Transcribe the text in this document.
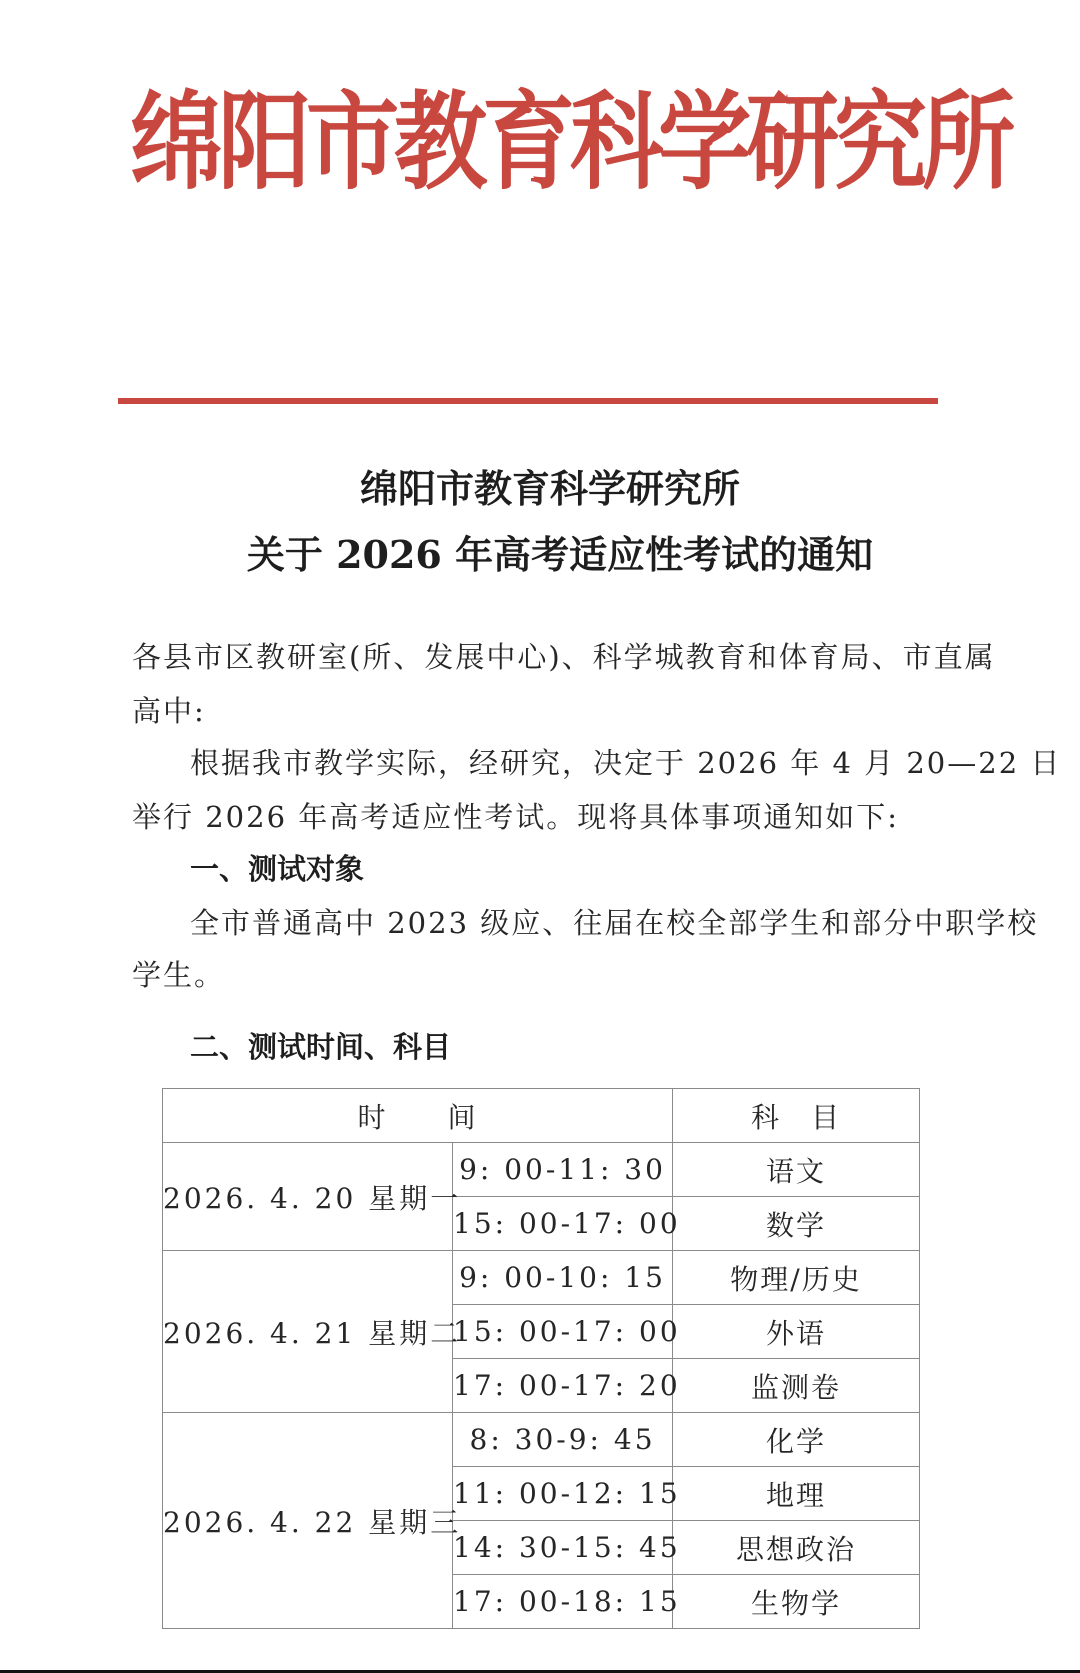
绵阳市教育科学研究所
绵阳市教育科学研究所
关于 2026 年高考适应性考试的通知
各县市区教研室(所、发展中心)、科学城教育和体育局、市直属
高中:
根据我市教学实际，经研究，决定于 2026 年 4 月 20—22 日
举行 2026 年高考适应性考试。现将具体事项通知如下:
一、测试对象
全市普通高中 2023 级应、往届在校全部学生和部分中职学校
学生。
二、测试时间、科目
时　　间		科　目
2026. 4. 20 星期一	9: 00-11: 30	语文
	15: 00-17: 00	数学
2026. 4. 21 星期二	9: 00-10: 15	物理/历史
	15: 00-17: 00	外语
	17: 00-17: 20	监测卷
2026. 4. 22 星期三	8: 30-9: 45	化学
	11: 00-12: 15	地理
	14: 30-15: 45	思想政治
	17: 00-18: 15	生物学
